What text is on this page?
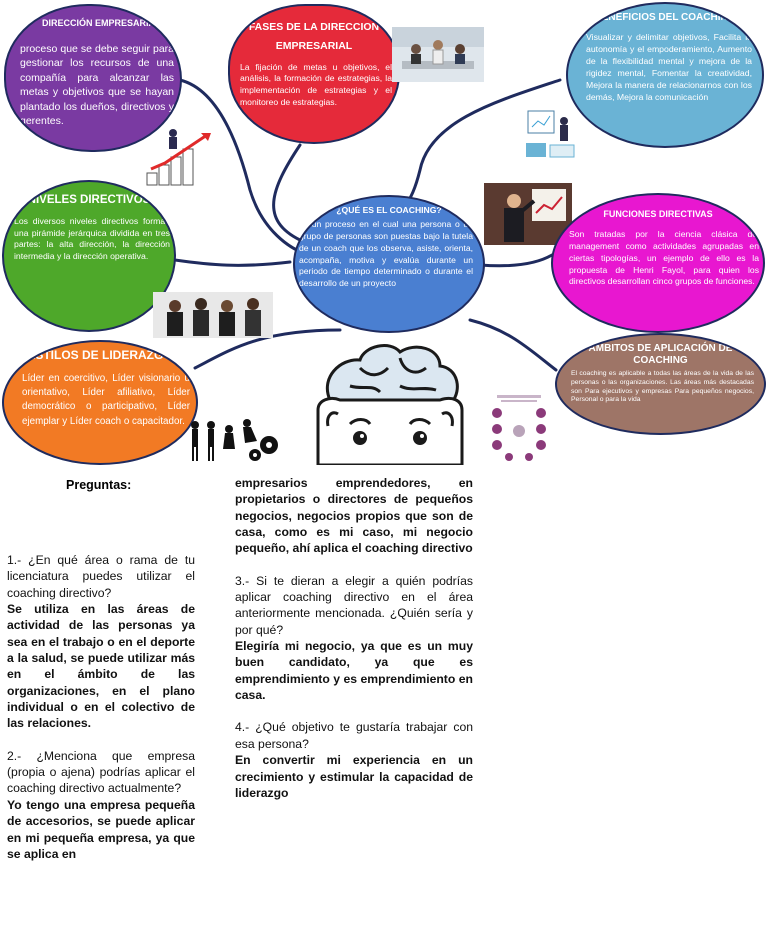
DIRECCIÓN EMPRESARIAL
proceso que se debe seguir para gestionar los recursos de una compañía para alcanzar las metas y objetivos que se hayan plantado los dueños, directivos y gerentes.
FASES DE LA DIRECCION EMPRESARIAL
La fijación de metas u objetivos, el análisis, la formación de estrategias, la implementación de estrategias y el monitoreo de estrategias.
BENEFICIOS DEL COACHING
Visualizar y delimitar objetivos, Facilita la autonomía y el empoderamiento, Aumento de la flexibilidad mental y mejora de la rigidez mental, Fomentar la creatividad, Mejora la manera de relacionarnos con los demás, Mejora la comunicación
NIVELES DIRECTIVOS
Los diversos niveles directivos forman una pirámide jerárquica dividida en tres partes: la alta dirección, la dirección intermedia y la dirección operativa.
¿QUÉ ES EL COACHING?
es un proceso en el cual una persona o un grupo de personas son puestas bajo la tutela de un coach que los observa, asiste, orienta, acompaña, motiva y evalúa durante un periodo de tiempo determinado o durante el desarrollo de un proyecto
FUNCIONES DIRECTIVAS
Son tratadas por la ciencia clásica del management como actividades agrupadas en ciertas tipologías, un ejemplo de ello es la propuesta de Henri Fayol, para quien los directivos desarrollan cinco grupos de funciones.
ESTILOS DE LIDERAZGO
Líder en coercitivo, Líder visionario u orientativo, Líder afiliativo, Líder democrático o participativo, Líder ejemplar y Líder coach o capacitador.
AMBITOS DE APLICACIÓN DE COACHING
El coaching es aplicable a todas las áreas de la vida de las personas o las organizaciones. Las áreas más destacadas son Para ejecutivos y empresas Para pequeños negocios, Personal o para la vida
Preguntas:

1.- ¿En qué área o rama de tu licenciatura puedes utilizar el coaching directivo?

Se utiliza en las áreas de actividad de las personas ya sea en el trabajo o en el deporte a la salud, se puede utilizar más en el ámbito de las organizaciones, en el plano individual o en el colectivo de las relaciones.

2.- ¿Menciona que empresa (propia o ajena) podrías aplicar el coaching directivo actualmente?

Yo tengo una empresa pequeña de accesorios, se puede aplicar en mi pequeña empresa, ya que se aplica en

empresarios emprendedores, en propietarios o directores de pequeños negocios, negocios propios que son de casa, como es mi caso, mi negocio pequeño, ahí aplica el coaching directivo

3.- Si te dieran a elegir a quién podrías aplicar coaching directivo en el área anteriormente mencionada. ¿Quién sería y por qué?

Elegiría mi negocio, ya que es un muy buen candidato, ya que es emprendimiento y es emprendimiento en casa.

4.- ¿Qué objetivo te gustaría trabajar con esa persona?

En convertir mi experiencia en un crecimiento y estimular la capacidad de liderazgo
